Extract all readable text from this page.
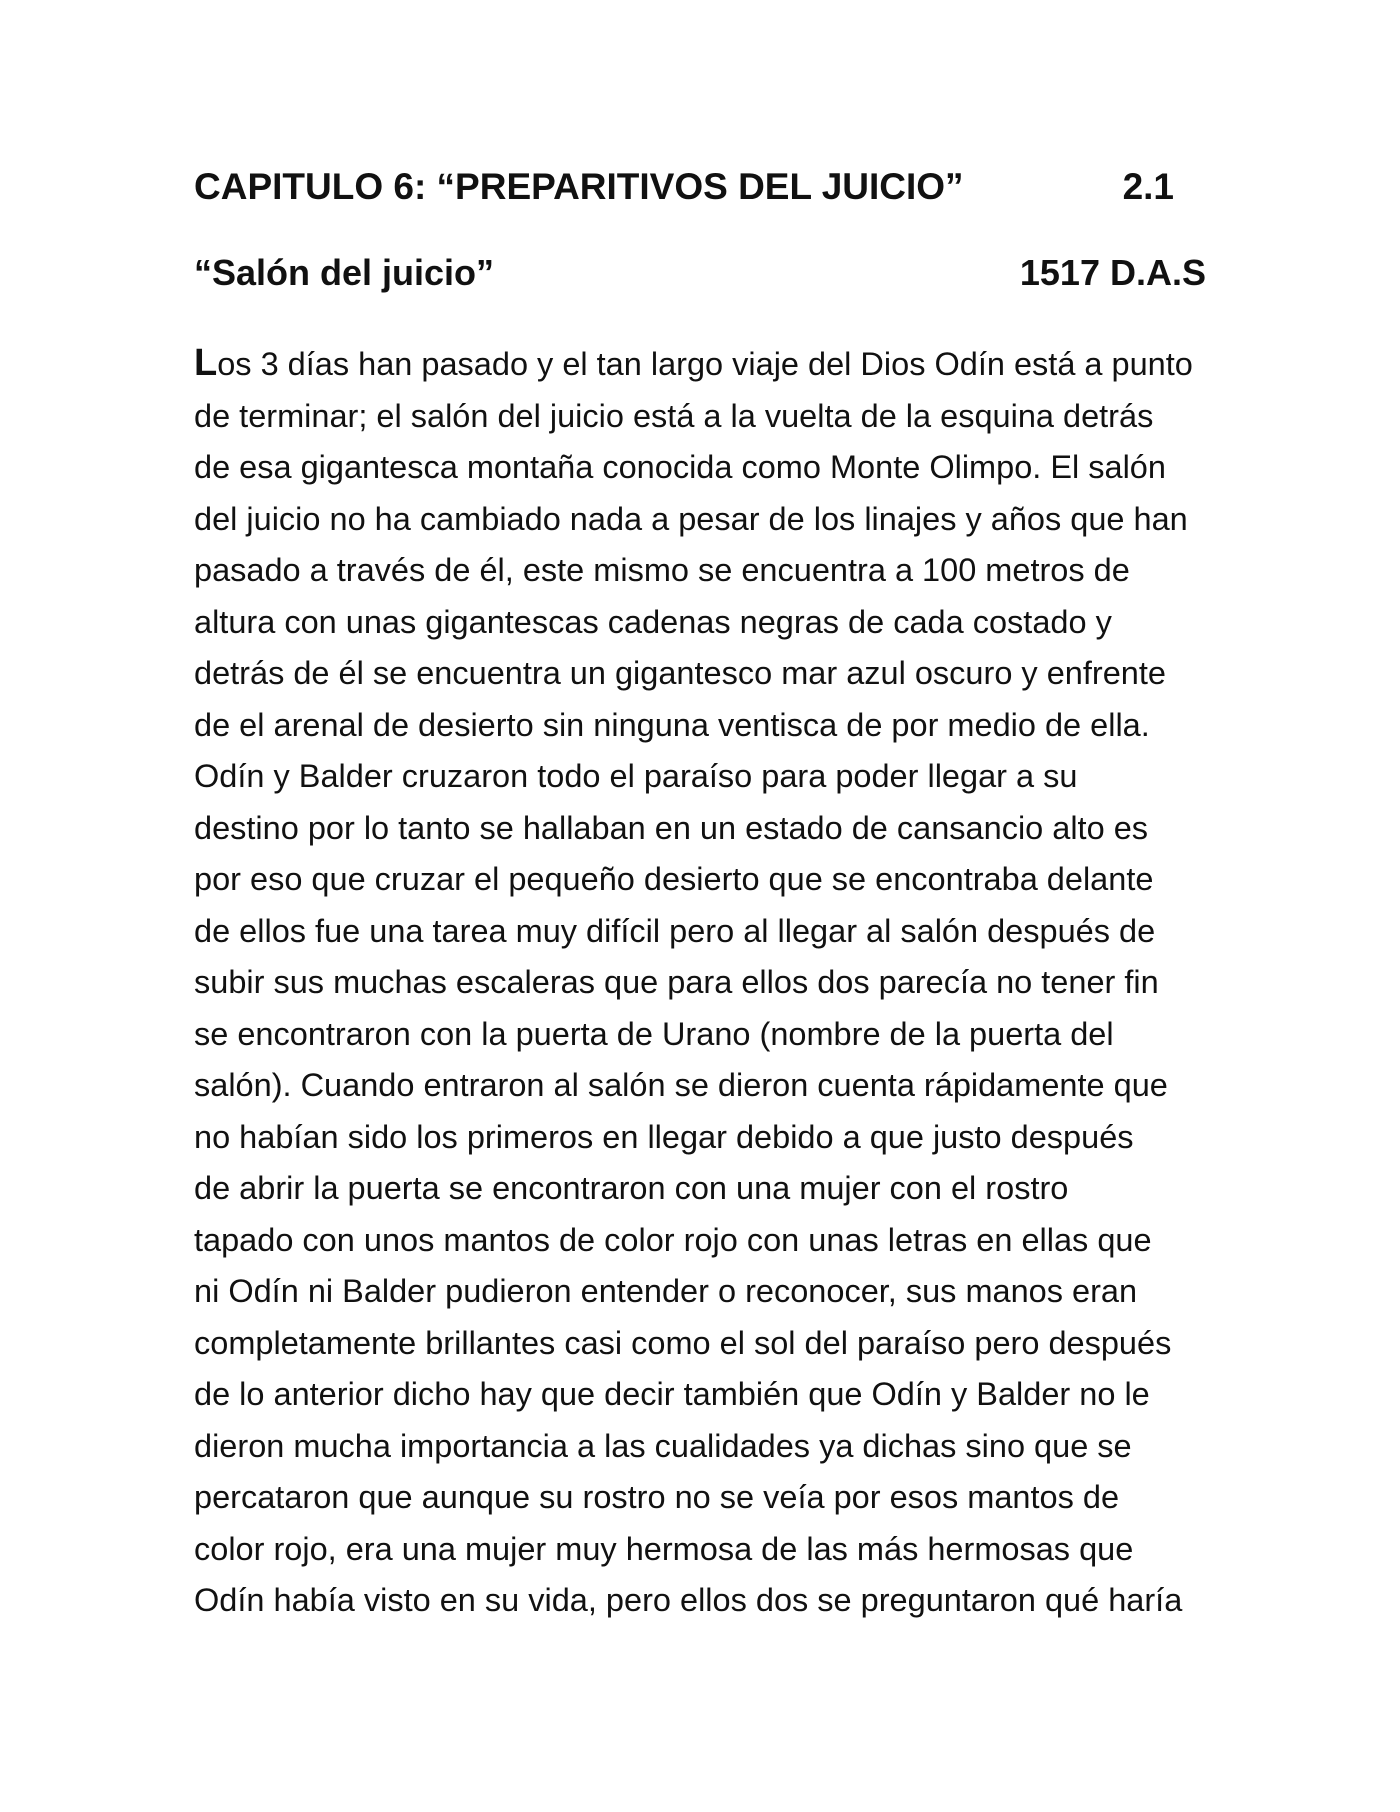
CAPITULO 6: “PREPARITIVOS DEL JUICIO”	2.1
“Salón del juicio”	1517 D.A.S
Los 3 días han pasado y el tan largo viaje del Dios Odín está a punto
de terminar; el salón del juicio está a la vuelta de la esquina detrás
de esa gigantesca montaña conocida como Monte Olimpo. El salón
del juicio no ha cambiado nada a pesar de los linajes y años que han
pasado a través de él, este mismo se encuentra a 100 metros de
altura con unas gigantescas cadenas negras de cada costado y
detrás de él se encuentra un gigantesco mar azul oscuro y enfrente
de el arenal de desierto sin ninguna ventisca de por medio de ella.
Odín y Balder cruzaron todo el paraíso para poder llegar a su
destino por lo tanto se hallaban en un estado de cansancio alto es
por eso que cruzar el pequeño desierto que se encontraba delante
de ellos fue una tarea muy difícil pero al llegar al salón después de
subir sus muchas escaleras que para ellos dos parecía no tener fin
se encontraron con la puerta de Urano (nombre de la puerta del
salón). Cuando entraron al salón se dieron cuenta rápidamente que
no habían sido los primeros en llegar debido a que justo después
de abrir la puerta se encontraron con una mujer con el rostro
tapado con unos mantos de color rojo con unas letras en ellas que
ni Odín ni Balder pudieron entender o reconocer, sus manos eran
completamente brillantes casi como el sol del paraíso pero después
de lo anterior dicho hay que decir también que Odín y Balder no le
dieron mucha importancia a las cualidades ya dichas sino que se
percataron que aunque su rostro no se veía por esos mantos de
color rojo, era una mujer muy hermosa de las más hermosas que
Odín había visto en su vida, pero ellos dos se preguntaron qué haría
